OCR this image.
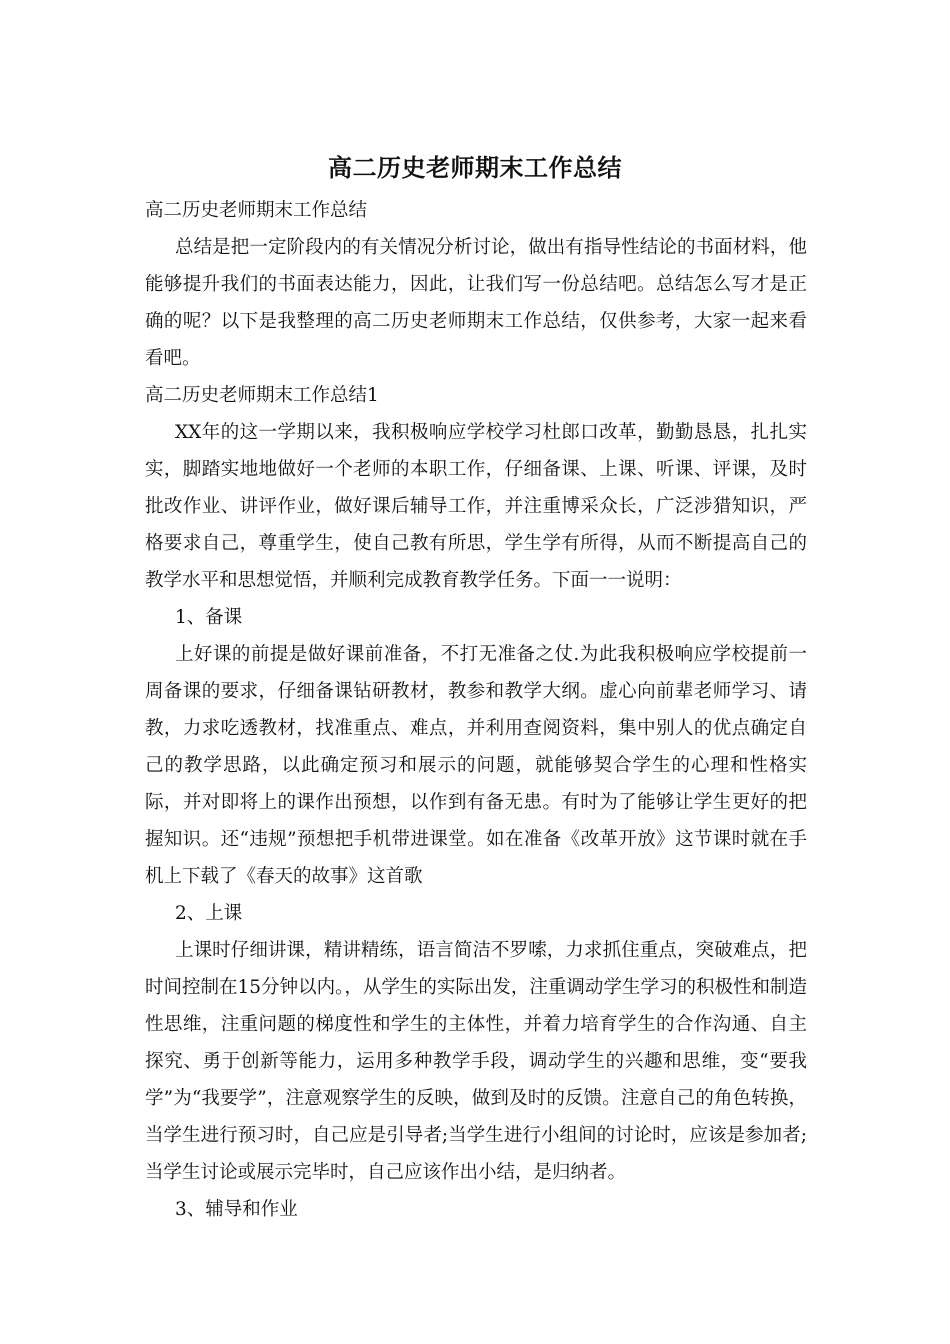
高二历史老师期末工作总结

高二历史老师期末工作总结

总结是把一定阶段内的有关情况分析讨论，做出有指导性结论的书面材料，他能够提升我们的书面表达能力，因此，让我们写一份总结吧。总结怎么写才是正确的呢？以下是我整理的高二历史老师期末工作总结，仅供参考，大家一起来看看吧。

高二历史老师期末工作总结1

XX年的这一学期以来，我积极响应学校学习杜郎口改革，勤勤恳恳，扎扎实实，脚踏实地地做好一个老师的本职工作，仔细备课、上课、听课、评课，及时批改作业、讲评作业，做好课后辅导工作，并注重博采众长，广泛涉猎知识，严格要求自己，尊重学生，使自己教有所思，学生学有所得，从而不断提高自己的教学水平和思想觉悟，并顺利完成教育教学任务。下面一一说明：

1、备课

上好课的前提是做好课前准备，不打无准备之仗.为此我积极响应学校提前一周备课的要求，仔细备课钻研教材，教参和教学大纲。虚心向前辈老师学习、请教，力求吃透教材，找准重点、难点，并利用查阅资料，集中别人的优点确定自己的教学思路，以此确定预习和展示的问题，就能够契合学生的心理和性格实际，并对即将上的课作出预想，以作到有备无患。有时为了能够让学生更好的把握知识。还“违规”预想把手机带进课堂。如在准备《改革开放》这节课时就在手机上下载了《春天的故事》这首歌

2、上课

上课时仔细讲课，精讲精练，语言简洁不罗嗦，力求抓住重点，突破难点，把时间控制在15分钟以内。，从学生的实际出发，注重调动学生学习的积极性和制造性思维，注重问题的梯度性和学生的主体性，并着力培育学生的合作沟通、自主探究、勇于创新等能力，运用多种教学手段，调动学生的兴趣和思维，变“要我学”为“我要学”，注意观察学生的反映，做到及时的反馈。注意自己的角色转换，当学生进行预习时，自己应是引导者;当学生进行小组间的讨论时，应该是参加者;当学生讨论或展示完毕时，自己应该作出小结，是归纳者。

3、辅导和作业
